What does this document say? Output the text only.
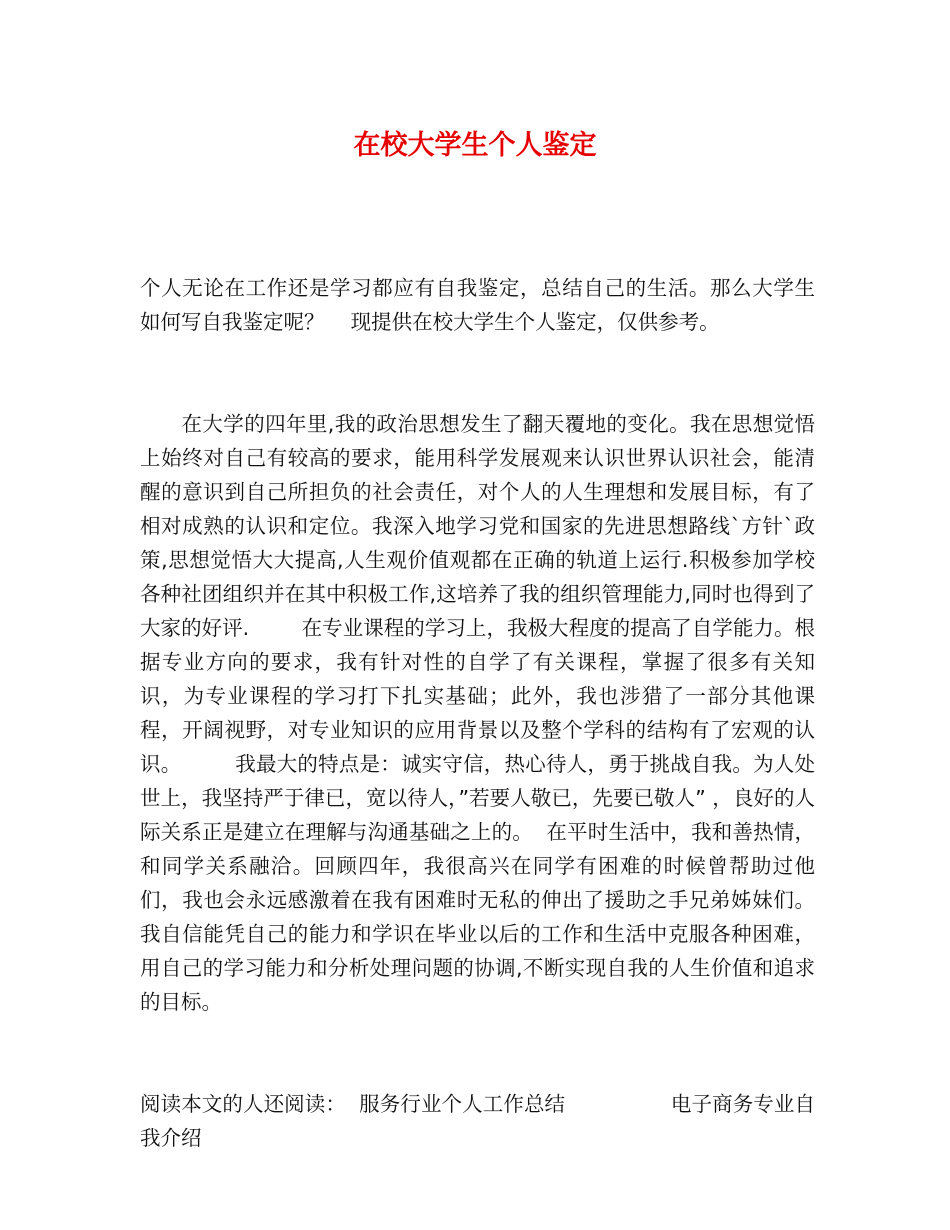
在校大学生个人鉴定

个人无论在工作还是学习都应有自我鉴定，总结自己的生活。那么大学生如何写自我鉴定呢？    现提供在校大学生个人鉴定，仅供参考。

在大学的四年里,我的政治思想发生了翻天覆地的变化。我在思想觉悟上始终对自己有较高的要求，能用科学发展观来认识世界认识社会，能清醒的意识到自己所担负的社会责任，对个人的人生理想和发展目标，有了相对成熟的认识和定位。我深入地学习党和国家的先进思想路线`方针`政策,思想觉悟大大提高,人生观价值观都在正确的轨道上运行.积极参加学校各种社团组织并在其中积极工作,这培养了我的组织管理能力,同时也得到了大家的好评.        在专业课程的学习上，我极大程度的提高了自学能力。根据专业方向的要求，我有针对性的自学了有关课程，掌握了很多有关知识，为专业课程的学习打下扎实基础；此外，我也涉猎了一部分其他课程，开阔视野，对专业知识的应用背景以及整个学科的结构有了宏观的认识。        我最大的特点是：诚实守信，热心待人，勇于挑战自我。为人处世上，我坚持严于律已，宽以待人，”若要人敬已，先要已敬人” ，良好的人际关系正是建立在理解与沟通基础之上的。  在平时生活中，我和善热情，和同学关系融洽。回顾四年，我很高兴在同学有困难的时候曾帮助过他们，我也会永远感激着在我有困难时无私的伸出了援助之手兄弟姊妹们。        我自信能凭自己的能力和学识在毕业以后的工作和生活中克服各种困难，用自己的学习能力和分析处理问题的协调,不断实现自我的人生价值和追求的目标。

阅读本文的人还阅读：  服务行业个人工作总结                电子商务专业自我介绍
